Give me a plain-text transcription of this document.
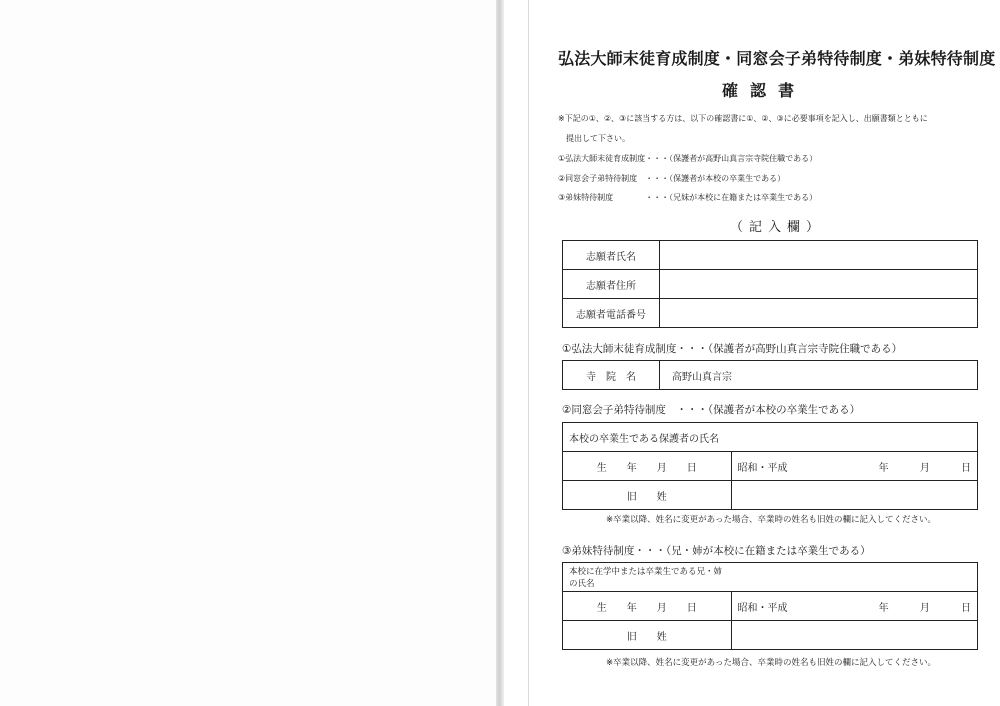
弘法大師末徒育成制度・同窓会子弟特待制度・弟妹特待制度
確認書
※下記の①、②、③に該当する方は、以下の確認書に①、②、③に必要事項を記入し、出願書類とともに
提出して下さい。
①弘法大師末徒育成制度・・・（保護者が高野山真言宗寺院住職である）
②同窓会子弟特待制度　・・・（保護者が本校の卒業生である）
③弟妹特待制度　　　　・・・（兄妹が本校に在籍または卒業生である）
（記入欄）
志願者氏名	
志願者住所	
志願者電話番号	
①弘法大師末徒育成制度・・・（保護者が高野山真言宗寺院住職である）
寺　院　名	高野山真言宗
②同窓会子弟特待制度　・・・（保護者が本校の卒業生である）
本校の卒業生である保護者の氏名	
生　　年　　月　　日	昭和・平成 年 月 日

旧　　姓	
※卒業以降、姓名に変更があった場合、卒業時の姓名も旧姓の欄に記入してください。
③弟妹特待制度・・・（兄・姉が本校に在籍または卒業生である）
本校に在学中または卒業生である兄・姉の氏名	
生　　年　　月　　日	昭和・平成 年 月 日

旧　　姓	
※卒業以降、姓名に変更があった場合、卒業時の姓名も旧姓の欄に記入してください。
